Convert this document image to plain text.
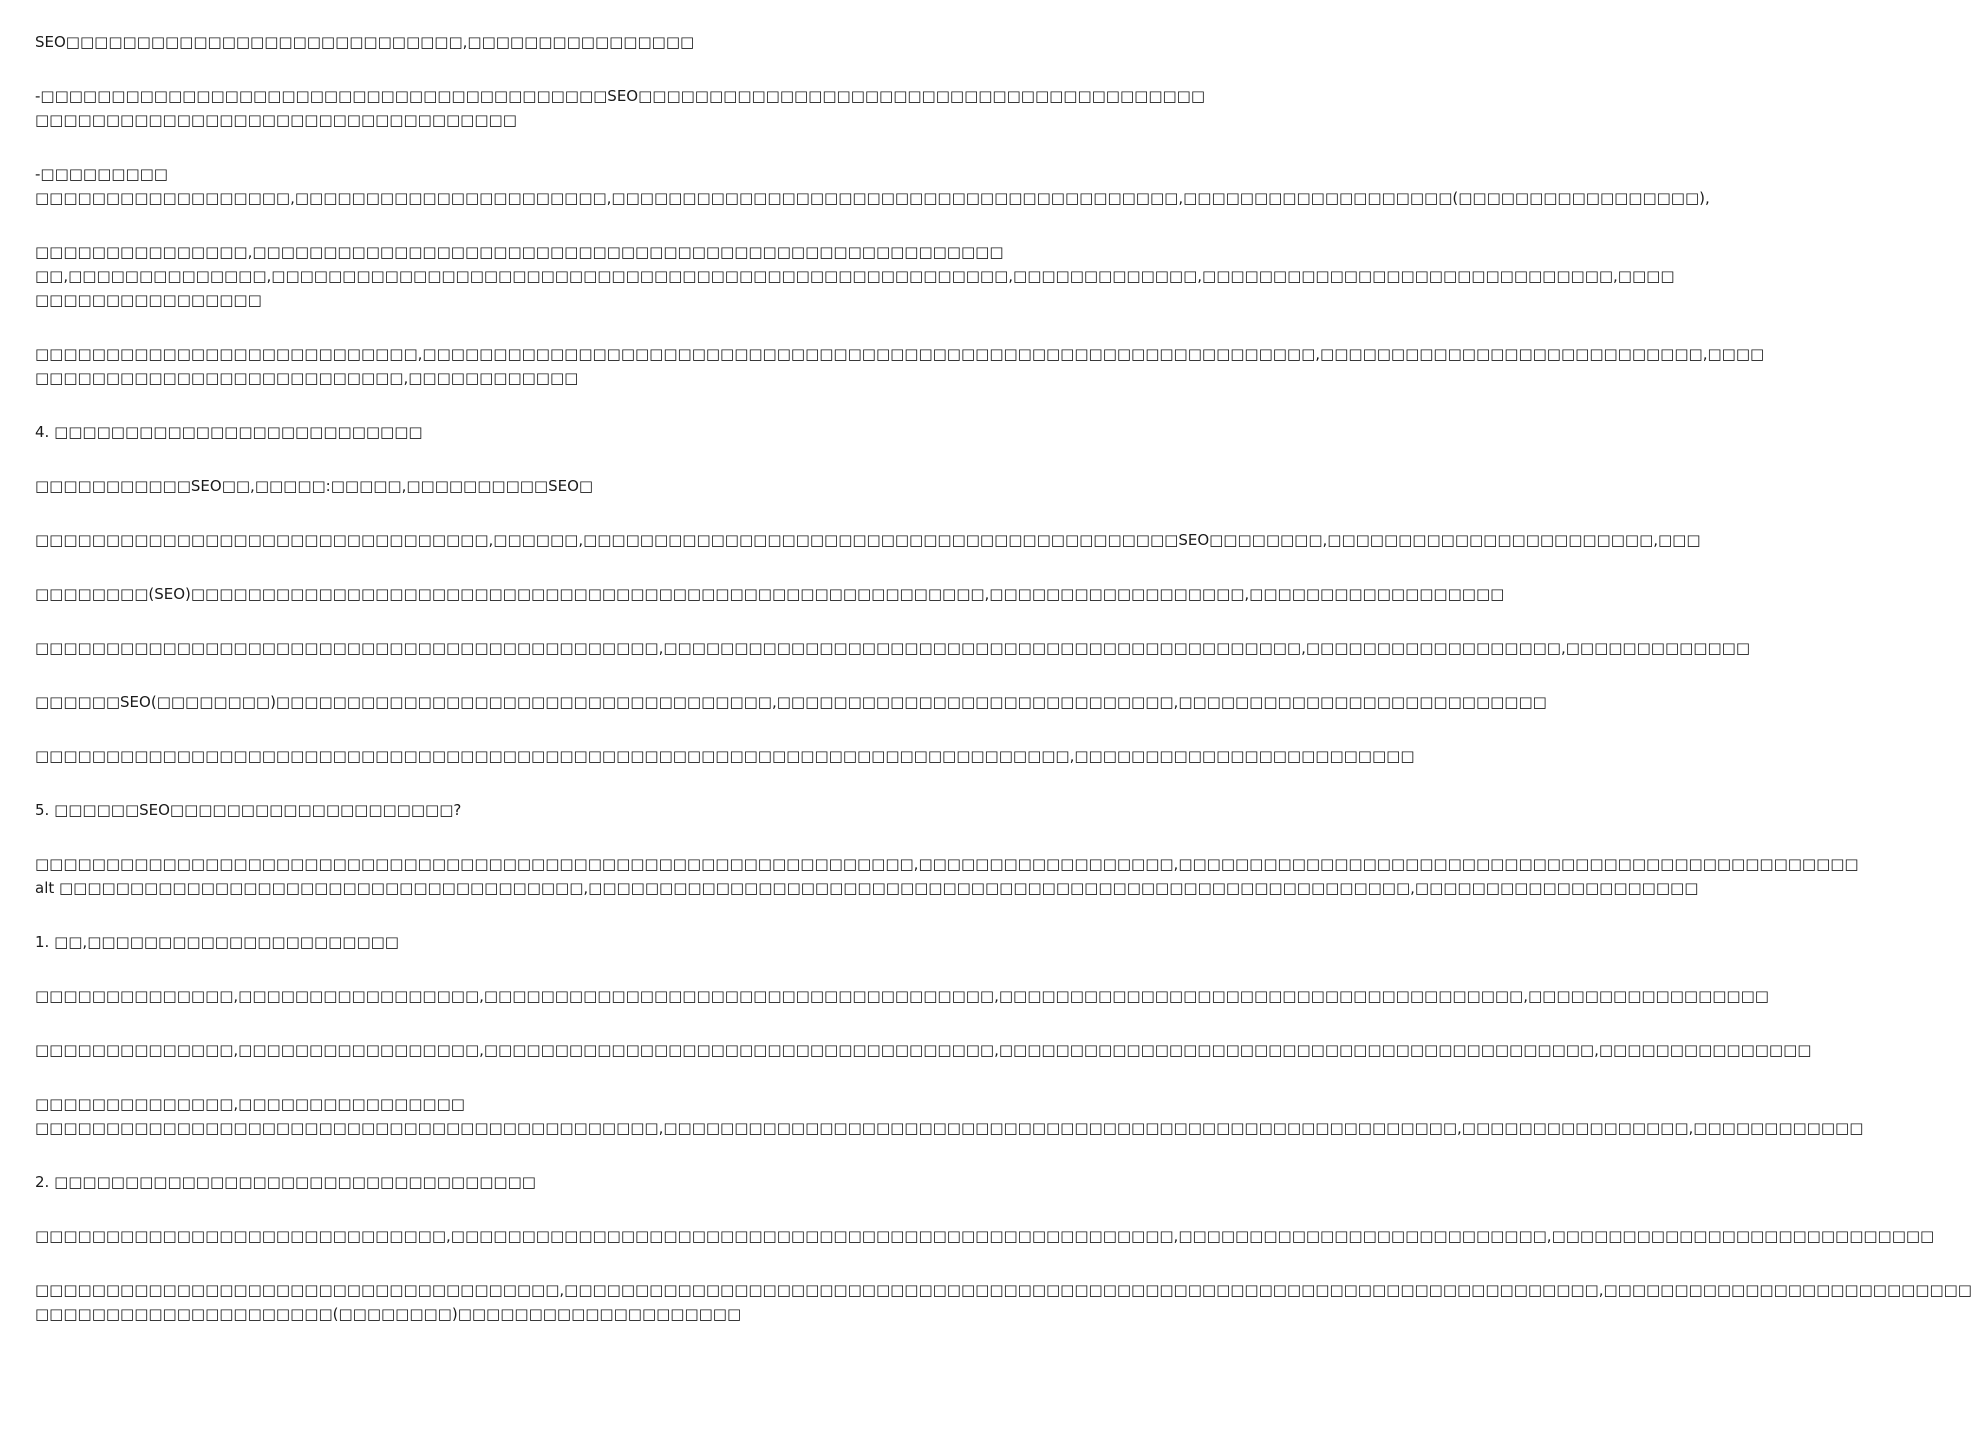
SEO□□□□□□□□□□□□□□□□□□□□□□□□□□□□,□□□□□□□□□□□□□□□□
-□□□□□□□□□□□□□□□□□□□□□□□□□□□□□□□□□□□□□□□□SEO□□□□□□□□□□□□□□□□□□□□□□□□□□□□□□□□□□□□□□□□
□□□□□□□□□□□□□□□□□□□□□□□□□□□□□□□□□□
-□□□□□□□□□
□□□□□□□□□□□□□□□□□□,□□□□□□□□□□□□□□□□□□□□□□,□□□□□□□□□□□□□□□□□□□□□□□□□□□□□□□□□□□□□□□□,□□□□□□□□□□□□□□□□□□□(□□□□□□□□□□□□□□□□□),
□□□□□□□□□□□□□□□,□□□□□□□□□□□□□□□□□□□□□□□□□□□□□□□□□□□□□□□□□□□□□□□□□□□□□
□□,□□□□□□□□□□□□□□,□□□□□□□□□□□□□□□□□□□□□□□□□□□□□□□□□□□□□□□□□□□□□□□□□□□□,□□□□□□□□□□□□□,□□□□□□□□□□□□□□□□□□□□□□□□□□□□□,□□□□
□□□□□□□□□□□□□□□□
□□□□□□□□□□□□□□□□□□□□□□□□□□□,□□□□□□□□□□□□□□□□□□□□□□□□□□□□□□□□□□□□□□□□□□□□□□□□□□□□□□□□□□□□□□□,□□□□□□□□□□□□□□□□□□□□□□□□□□□,□□□□
□□□□□□□□□□□□□□□□□□□□□□□□□□,□□□□□□□□□□□□
4. □□□□□□□□□□□□□□□□□□□□□□□□□□
□□□□□□□□□□□SEO□□,□□□□□:□□□□□,□□□□□□□□□□SEO□
□□□□□□□□□□□□□□□□□□□□□□□□□□□□□□□□,□□□□□□,□□□□□□□□□□□□□□□□□□□□□□□□□□□□□□□□□□□□□□□□□□SEO□□□□□□□□,□□□□□□□□□□□□□□□□□□□□□□□,□□□
□□□□□□□□(SEO)□□□□□□□□□□□□□□□□□□□□□□□□□□□□□□□□□□□□□□□□□□□□□□□□□□□□□□□□,□□□□□□□□□□□□□□□□□□,□□□□□□□□□□□□□□□□□□
□□□□□□□□□□□□□□□□□□□□□□□□□□□□□□□□□□□□□□□□□□□□,□□□□□□□□□□□□□□□□□□□□□□□□□□□□□□□□□□□□□□□□□□□□□,□□□□□□□□□□□□□□□□□□,□□□□□□□□□□□□□
□□□□□□SEO(□□□□□□□□)□□□□□□□□□□□□□□□□□□□□□□□□□□□□□□□□□□□,□□□□□□□□□□□□□□□□□□□□□□□□□□□□,□□□□□□□□□□□□□□□□□□□□□□□□□□
□□□□□□□□□□□□□□□□□□□□□□□□□□□□□□□□□□□□□□□□□□□□□□□□□□□□□□□□□□□□□□□□□□□□□□□□□,□□□□□□□□□□□□□□□□□□□□□□□□
5. □□□□□□SEO□□□□□□□□□□□□□□□□□□□□?
□□□□□□□□□□□□□□□□□□□□□□□□□□□□□□□□□□□□□□□□□□□□□□□□□□□□□□□□□□□□□□,□□□□□□□□□□□□□□□□□□,□□□□□□□□□□□□□□□□□□□□□□□□□□□□□□□□□□□□□□□□□□□□□□□□
alt □□□□□□□□□□□□□□□□□□□□□□□□□□□□□□□□□□□□□,□□□□□□□□□□□□□□□□□□□□□□□□□□□□□□□□□□□□□□□□□□□□□□□□□□□□□□□□□□,□□□□□□□□□□□□□□□□□□□□
1. □□,□□□□□□□□□□□□□□□□□□□□□□
□□□□□□□□□□□□□□,□□□□□□□□□□□□□□□□□,□□□□□□□□□□□□□□□□□□□□□□□□□□□□□□□□□□□□,□□□□□□□□□□□□□□□□□□□□□□□□□□□□□□□□□□□□□,□□□□□□□□□□□□□□□□□
□□□□□□□□□□□□□□,□□□□□□□□□□□□□□□□□,□□□□□□□□□□□□□□□□□□□□□□□□□□□□□□□□□□□□,□□□□□□□□□□□□□□□□□□□□□□□□□□□□□□□□□□□□□□□□□□,□□□□□□□□□□□□□□□
□□□□□□□□□□□□□□,□□□□□□□□□□□□□□□□
□□□□□□□□□□□□□□□□□□□□□□□□□□□□□□□□□□□□□□□□□□□□,□□□□□□□□□□□□□□□□□□□□□□□□□□□□□□□□□□□□□□□□□□□□□□□□□□□□□□□□,□□□□□□□□□□□□□□□□,□□□□□□□□□□□□
2. □□□□□□□□□□□□□□□□□□□□□□□□□□□□□□□□□□
□□□□□□□□□□□□□□□□□□□□□□□□□□□□□,□□□□□□□□□□□□□□□□□□□□□□□□□□□□□□□□□□□□□□□□□□□□□□□□□□□,□□□□□□□□□□□□□□□□□□□□□□□□□□,□□□□□□□□□□□□□□□□□□□□□□□□□□□
□□□□□□□□□□□□□□□□□□□□□□□□□□□□□□□□□□□□□,□□□□□□□□□□□□□□□□□□□□□□□□□□□□□□□□□□□□□□□□□□□□□□□□□□□□□□□□□□□□□□□□□□□□□□□□□,□□□□□□□□□□□□□□□□□□□□□□□□□□
□□□□□□□□□□□□□□□□□□□□□(□□□□□□□□)□□□□□□□□□□□□□□□□□□□□
